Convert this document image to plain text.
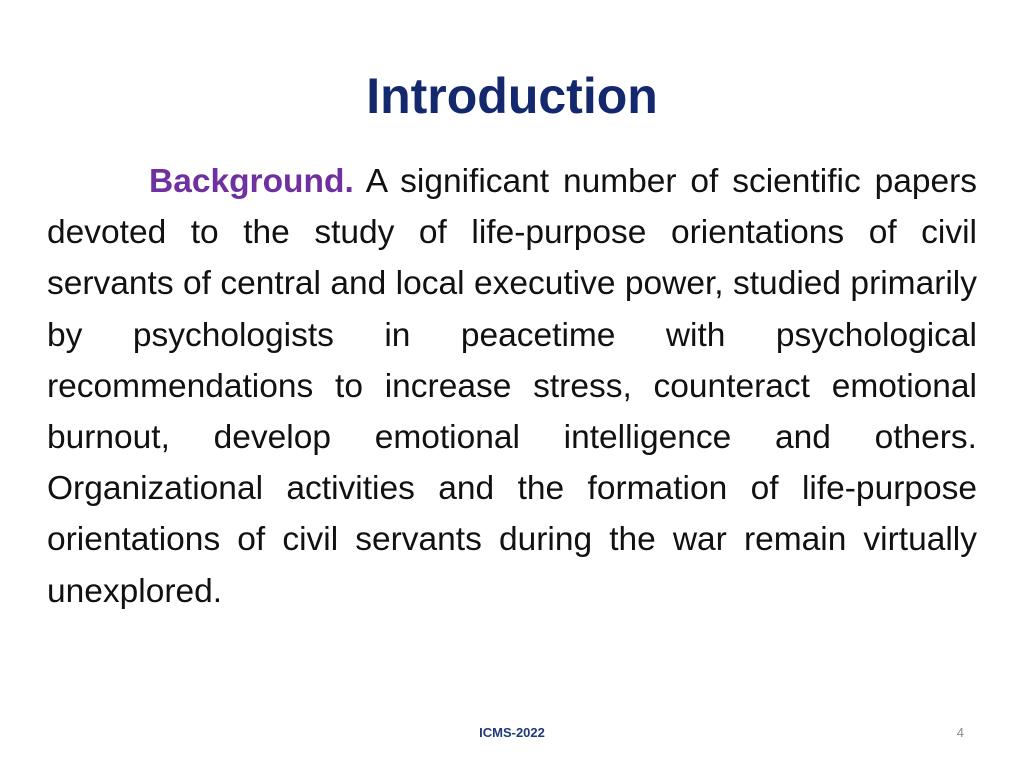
Introduction

Background. A significant number of scientific papers devoted to the study of life-purpose orientations of civil servants of central and local executive power, studied primarily by psychologists in peacetime with psychological recommendations to increase stress, counteract emotional burnout, develop emotional intelligence and others. Organizational activities and the formation of life-purpose orientations of civil servants during the war remain virtually unexplored.

ICMS-2022	4
